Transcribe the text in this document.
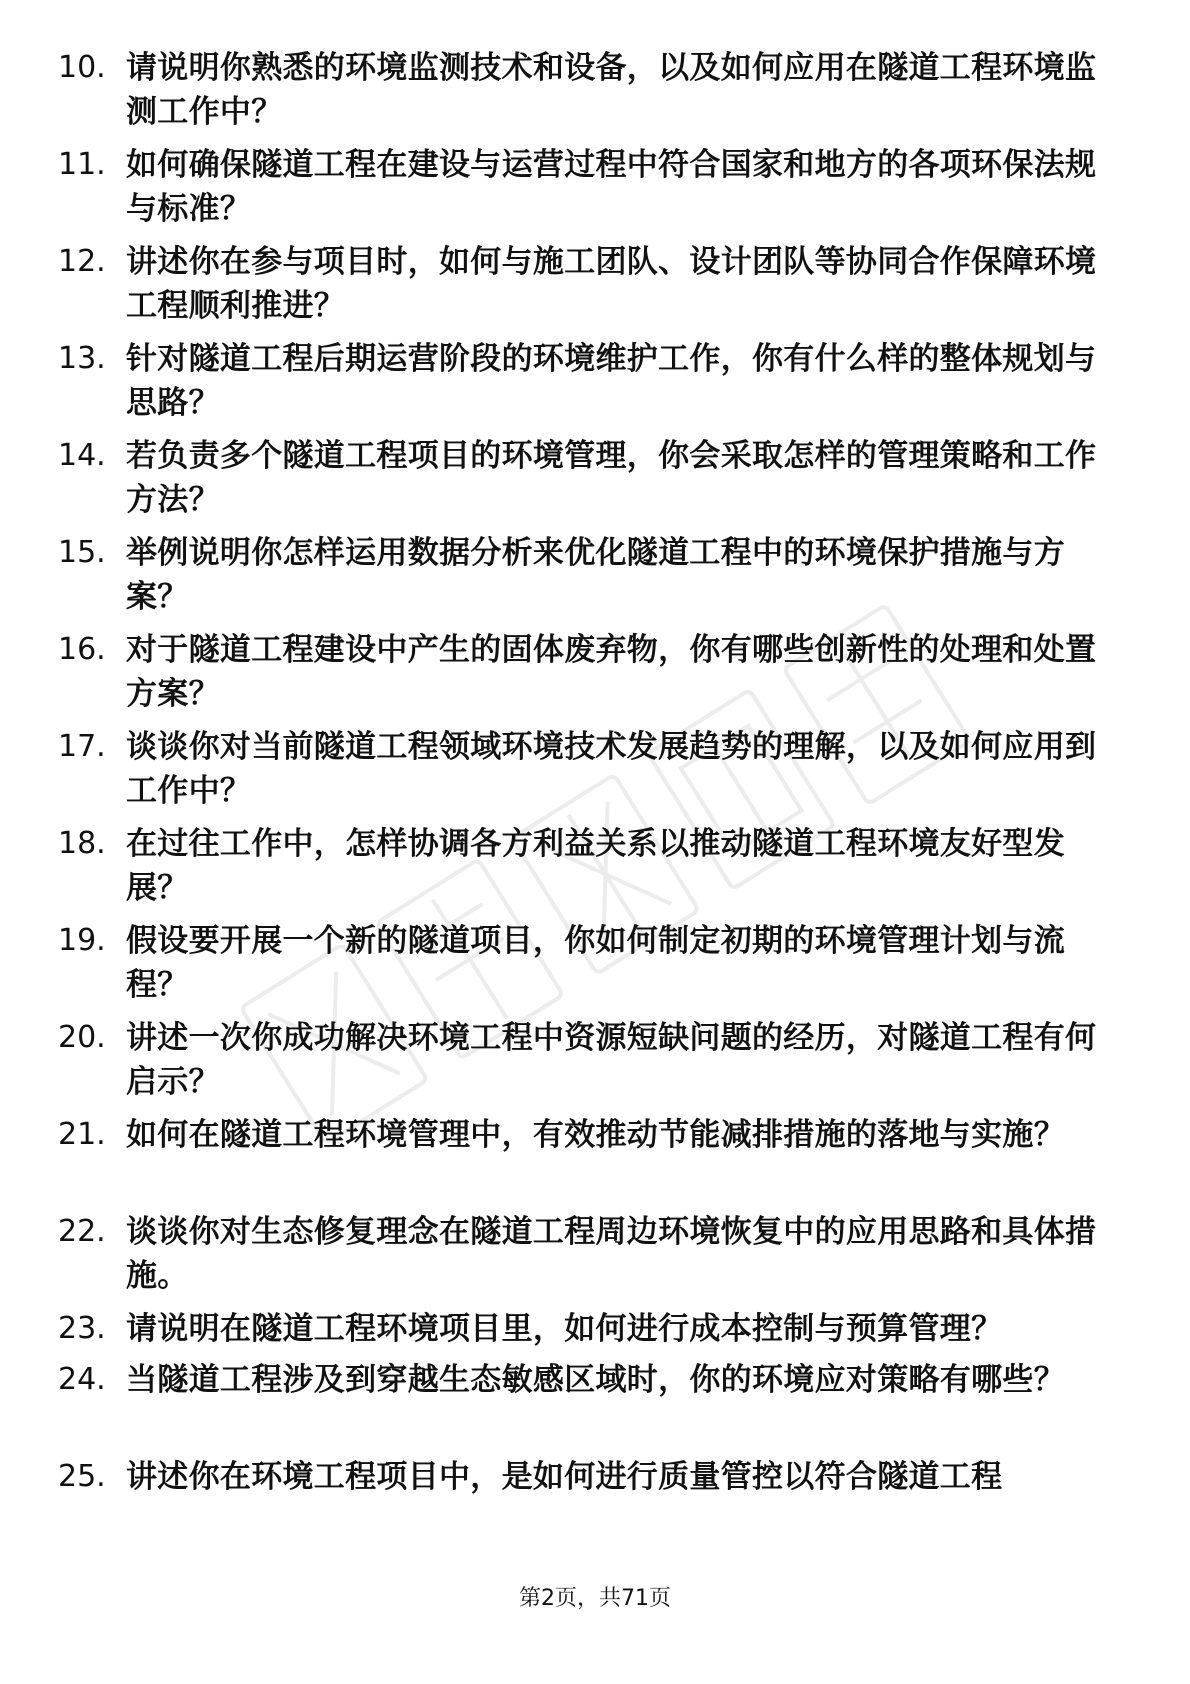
10. 请说明你熟悉的环境监测技术和设备，以及如何应用在隧道工程环境监测工作中？
11. 如何确保隧道工程在建设与运营过程中符合国家和地方的各项环保法规与标准？
12. 讲述你在参与项目时，如何与施工团队、设计团队等协同合作保障环境工程顺利推进？
13. 针对隧道工程后期运营阶段的环境维护工作，你有什么样的整体规划与思路？
14. 若负责多个隧道工程项目的环境管理，你会采取怎样的管理策略和工作方法？
15. 举例说明你怎样运用数据分析来优化隧道工程中的环境保护措施与方案？
16. 对于隧道工程建设中产生的固体废弃物，你有哪些创新性的处理和处置方案？
17. 谈谈你对当前隧道工程领域环境技术发展趋势的理解，以及如何应用到工作中？
18. 在过往工作中，怎样协调各方利益关系以推动隧道工程环境友好型发展？
19. 假设要开展一个新的隧道项目，你如何制定初期的环境管理计划与流程？
20. 讲述一次你成功解决环境工程中资源短缺问题的经历，对隧道工程有何启示？
21. 如何在隧道工程环境管理中，有效推动节能减排措施的落地与实施？
22. 谈谈你对生态修复理念在隧道工程周边环境恢复中的应用思路和具体措施。
23. 请说明在隧道工程环境项目里，如何进行成本控制与预算管理？
24. 当隧道工程涉及到穿越生态敏感区域时，你的环境应对策略有哪些？
25. 讲述你在环境工程项目中，是如何进行质量管控以符合隧道工程
第2页，共71页
